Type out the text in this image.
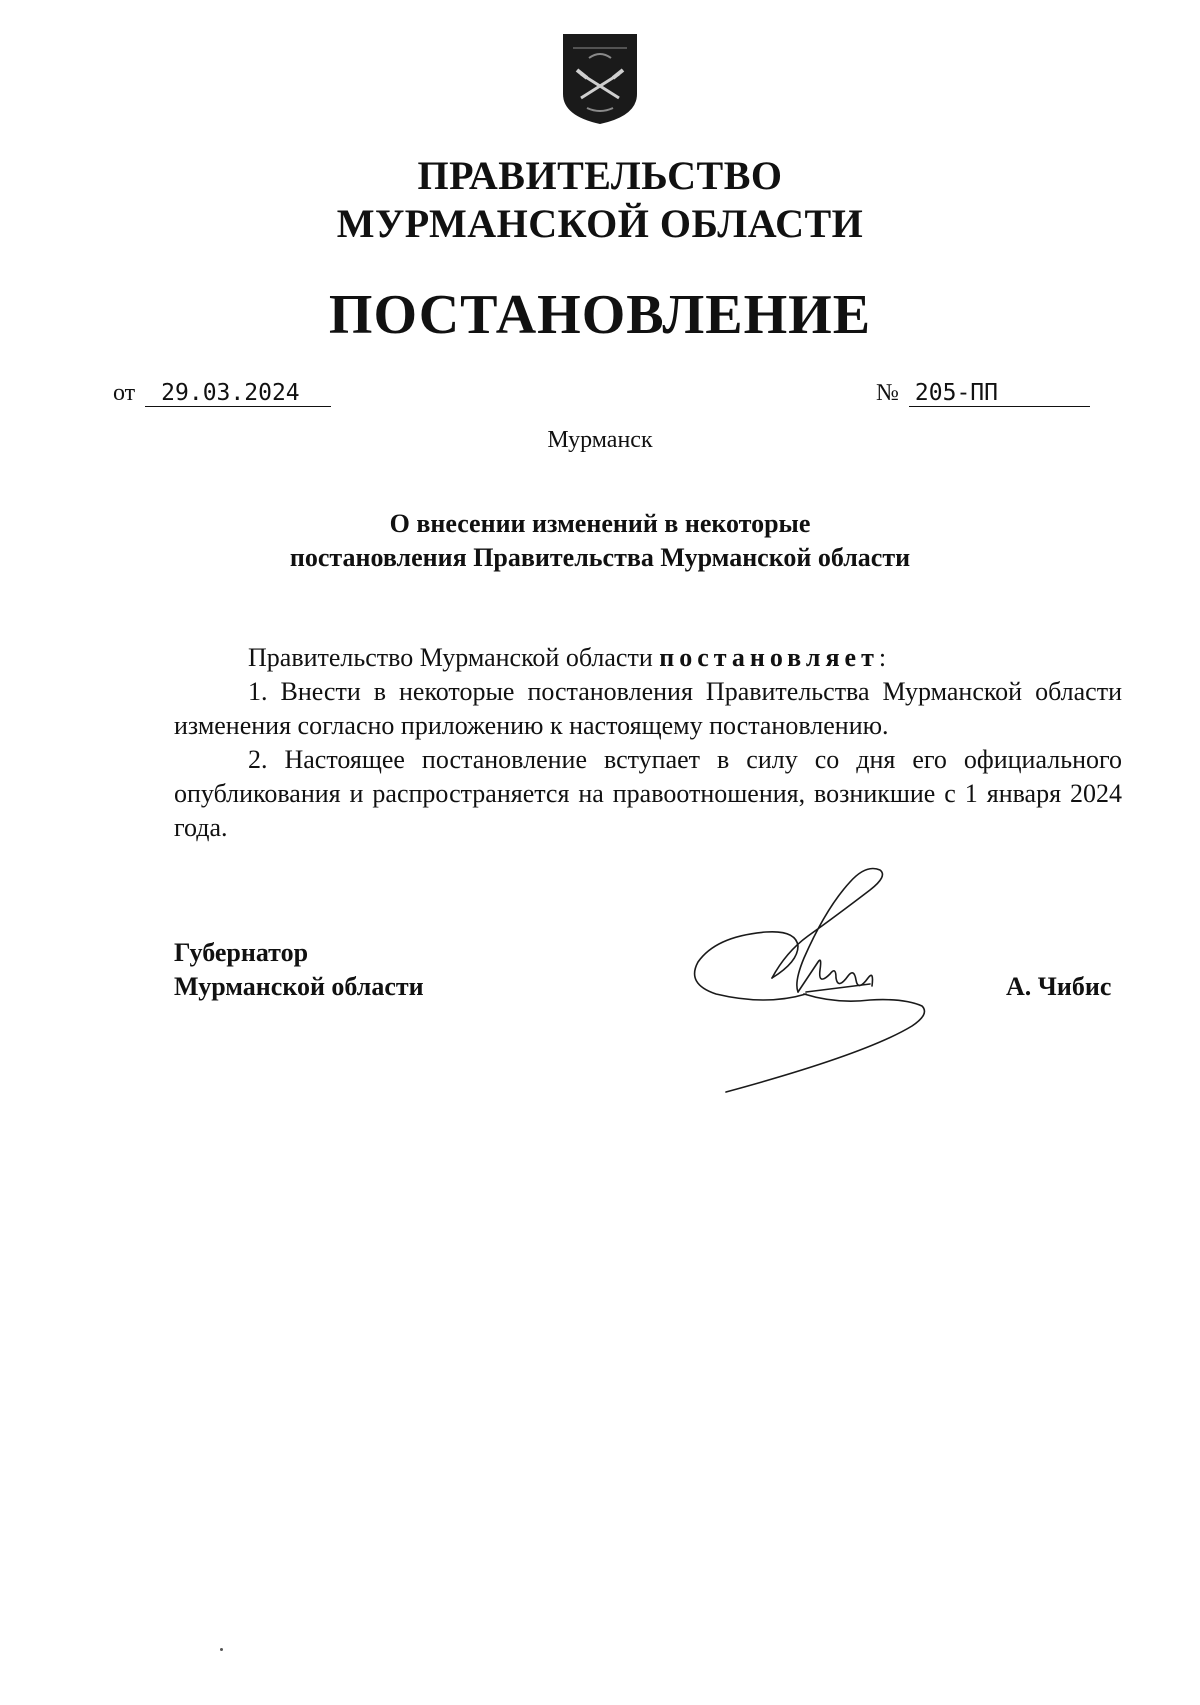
ПРАВИТЕЛЬСТВО
МУРМАНСКОЙ ОБЛАСТИ
ПОСТАНОВЛЕНИЕ
от 29.03.2024	№ 205-ПП
Мурманск
О внесении изменений в некоторые
постановления Правительства Мурманской области

Правительство Мурманской области постановляет:

1. Внести в некоторые постановления Правительства Мурманской области изменения согласно приложению к настоящему постановлению.

2. Настоящее постановление вступает в силу со дня его официального опубликования и распространяется на правоотношения, возникшие с 1 января 2024 года.

Губернатор
Мурманской области	А. Чибис
